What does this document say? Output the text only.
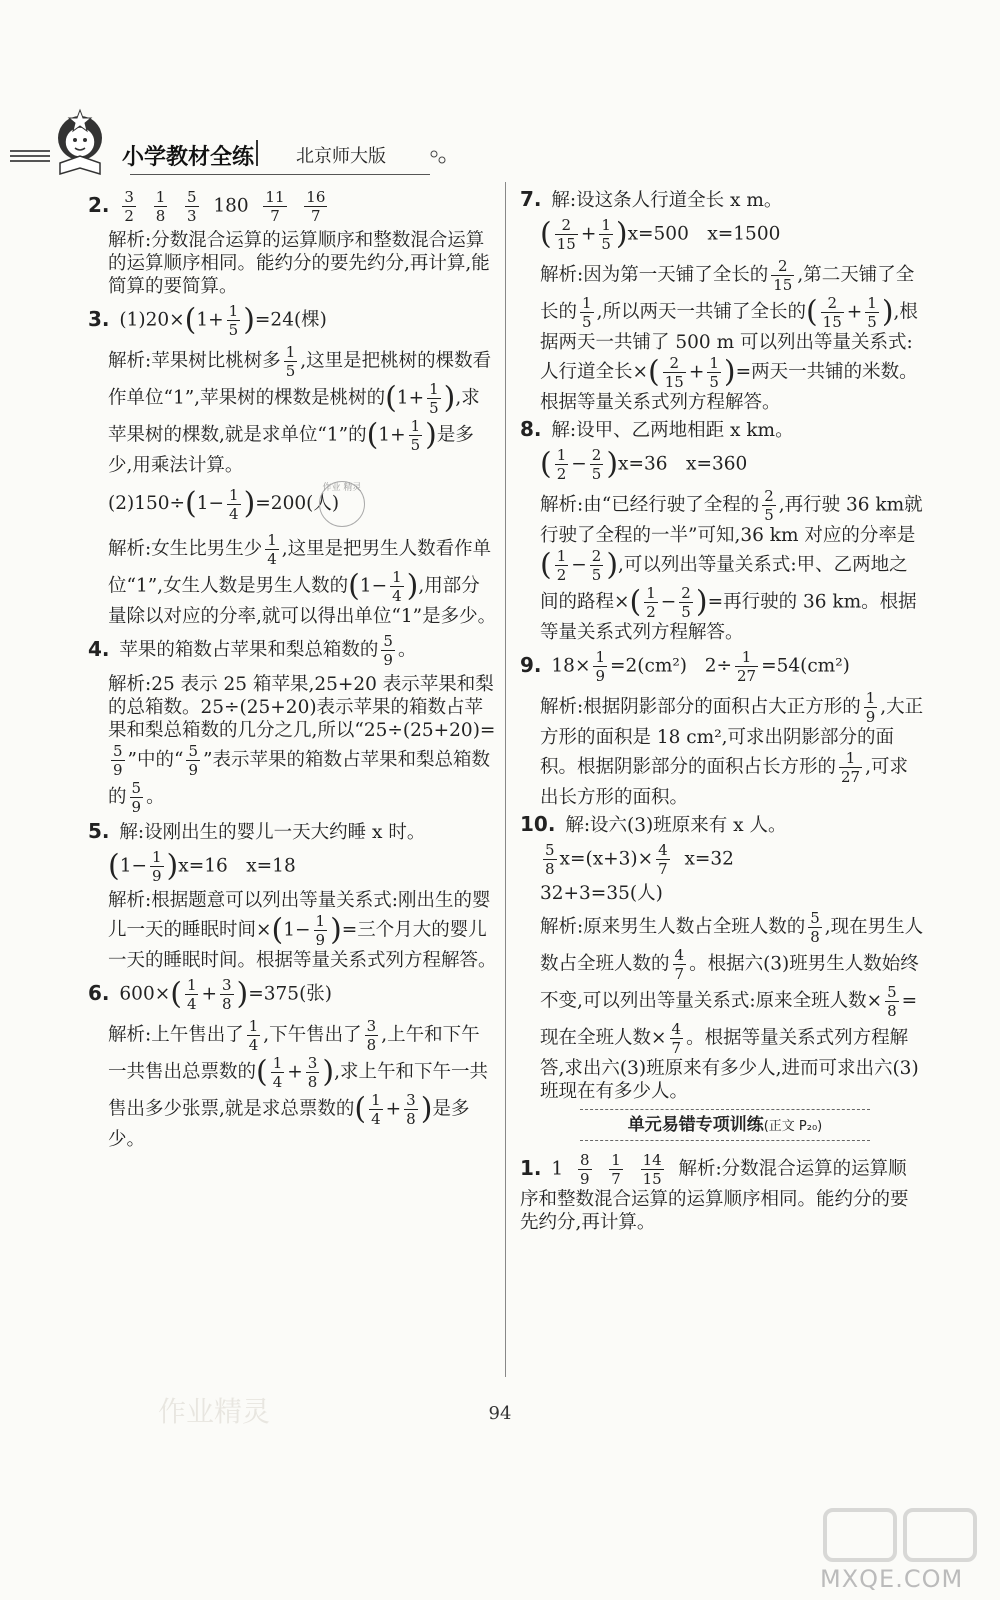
小学教材全练 北京师大版
2. $\frac{3}{2}$
$\frac{1}{8}$
$\frac{5}{3} 180 \frac{11}{7}$
$\frac{16}{7}$

解析:分数混合运算的运算顺序和整数混合运算的运算顺序相同。能约分的要先约分,再计算,能简算的要简算。

3. $(1)20\times(1+ \frac{1}{5} )=24$(棵)

解析:苹果树比桃树多 $\frac{1}{5}$ ,这里是把桃树的棵数看作单位“1”,苹果树的棵数是桃树的($1+ \frac{1}{5}$ ),求苹果树的棵数,就是求单位“1”的($1+ \frac{1}{5}$ )是多少,用乘法计算。

$(2)150\div(1- \frac{1}{4} )=200$(人) 作业 精灵

解析:女生比男生少 $\frac{1}{4}$ ,这里是把男生人数看作单位“1”,女生人数是男生人数的($1- \frac{1}{4}$ ),用部分量除以对应的分率,就可以得出单位“1”是多少。

4. 苹果的箱数占苹果和梨总箱数的 $\frac{5}{9}$ 。

解析:25 表示 25 箱苹果,25+20 表示苹果和梨的总箱数。25÷(25+20)表示苹果的箱数占苹果和梨总箱数的几分之几,所以“25÷(25+20)=
$\frac{5}{9}$ ”中的“ $\frac{5}{9}$ ”表示苹果的箱数占苹果和梨总箱数的 $\frac{5}{9}$ 。

5. 解:设刚出生的婴儿一天大约睡 x 时。

$(1- \frac{1}{9} )x=16$　x=18

解析:根据题意可以列出等量关系式:刚出生的婴儿一天的睡眠时间$\times(1- \frac{1}{9}$ )=三个月大的婴儿一天的睡眠时间。根据等量关系式列方程解答。

6. $600\times( \frac{1}{4} + \frac{3}{8} )=375$(张)

解析:上午售出了 $\frac{1}{4}$ ,下午售出了 $\frac{3}{8}$ ,上午和下午一共售出总票数的( $\frac{1}{4} + \frac{3}{8}$ ),求上午和下午一共售出多少张票,就是求总票数的( $\frac{1}{4} + \frac{3}{8}$ )是多少。

7. 解:设这条人行道全长 x m。

( $\frac{2}{15} + \frac{1}{5} )x=500$　x=1500

解析:因为第一天铺了全长的 $\frac{2}{15}$ ,第二天铺了全长的 $\frac{1}{5}$ ,所以两天一共铺了全长的( $\frac{2}{15} + \frac{1}{5}$ ),根据两天一共铺了 500 m 可以列出等量关系式:人行道全长×( $\frac{2}{15} + \frac{1}{5}$ )=两天一共铺的米数。根据等量关系式列方程解答。

8. 解:设甲、乙两地相距 x km。

( $\frac{1}{2} - \frac{2}{5} )x=36$　x=360

解析:由“已经行驶了全程的 $\frac{2}{5}$ ,再行驶 36 km就行驶了全程的一半”可知,36 km 对应的分率是( $\frac{1}{2} - \frac{2}{5}$ ),可以列出等量关系式:甲、乙两地之间的路程×( $\frac{1}{2} - \frac{2}{5}$ )=再行驶的 36 km。根据等量关系式列方程解答。

9. $18\times \frac{1}{9} =2(cm^2)$ $2\div \frac{1}{27} =54(cm^2)$

解析:根据阴影部分的面积占大正方形的 $\frac{1}{9}$ ,大正方形的面积是 18 cm²,可求出阴影部分的面积。根据阴影部分的面积占长方形的 $\frac{1}{27}$ ,可求出长方形的面积。

10. 解:设六(3)班原来有 x 人。

$\frac{5}{8} x=(x+3)\times \frac{4}{7} x=32$

32+3=35(人)

解析:原来男生人数占全班人数的 $\frac{5}{8}$ ,现在男生人数占全班人数的 $\frac{4}{7}$ 。根据六(3)班男生人数始终不变,可以列出等量关系式:原来全班人数× $\frac{5}{8}$ =现在全班人数× $\frac{4}{7}$ 。根据等量关系式列方程解答,求出六(3)班原来有多少人,进而可求出六(3)班现在有多少人。

单元易错专项训练(正文 P₂₀)
1. $1 \frac{8}{9}$
$\frac{1}{7}$
$\frac{14}{15}$ 解析:分数混合运算的运算顺序和整数混合运算的运算顺序相同。能约分的要先约分,再计算。
94
作业精灵
MXQE.COM
